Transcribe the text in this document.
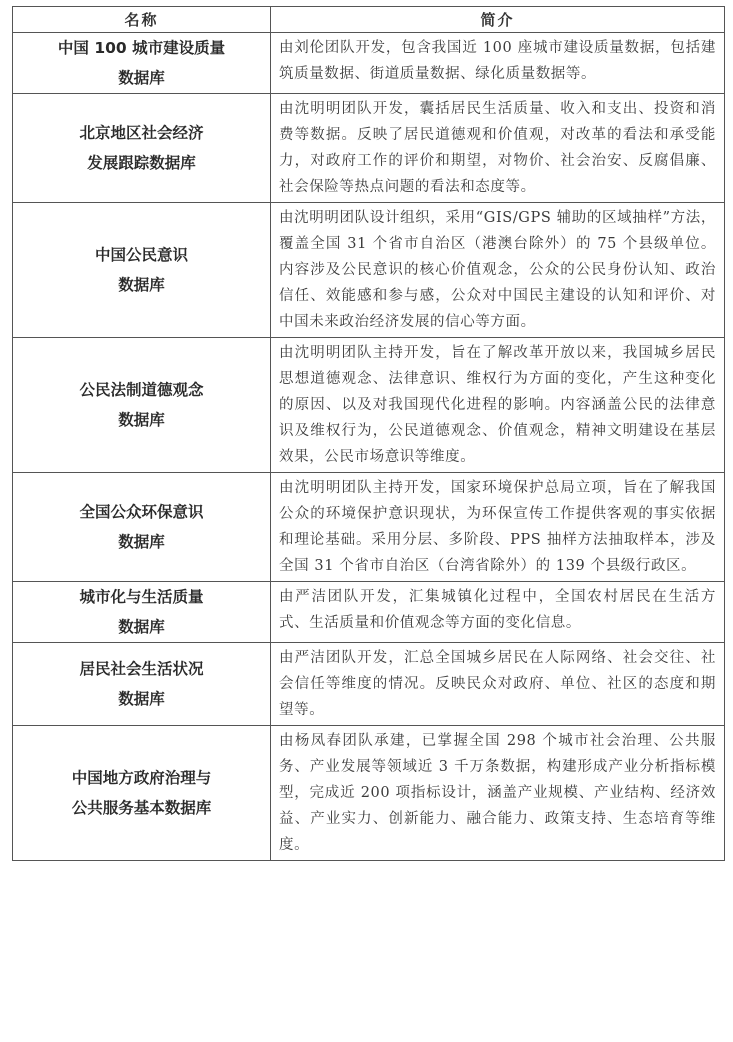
名称	简介

中国 100 城市建设质量
数据库	由刘伦团队开发，包含我国近 100 座城市建设质量数据，包括建筑质量数据、街道质量数据、绿化质量数据等。

北京地区社会经济
发展跟踪数据库	由沈明明团队开发，囊括居民生活质量、收入和支出、投资和消费等数据。反映了居民道德观和价值观，对改革的看法和承受能力，对政府工作的评价和期望，对物价、社会治安、反腐倡廉、社会保险等热点问题的看法和态度等。

中国公民意识
数据库	由沈明明团队设计组织，采用“GIS/GPS 辅助的区域抽样”方法，覆盖全国 31 个省市自治区（港澳台除外）的 75 个县级单位。内容涉及公民意识的核心价值观念，公众的公民身份认知、政治信任、效能感和参与感，公众对中国民主建设的认知和评价、对中国未来政治经济发展的信心等方面。

公民法制道德观念
数据库	由沈明明团队主持开发，旨在了解改革开放以来，我国城乡居民思想道德观念、法律意识、维权行为方面的变化，产生这种变化的原因、以及对我国现代化进程的影响。内容涵盖公民的法律意识及维权行为，公民道德观念、价值观念，精神文明建设在基层效果，公民市场意识等维度。

全国公众环保意识
数据库	由沈明明团队主持开发，国家环境保护总局立项，旨在了解我国公众的环境保护意识现状，为环保宣传工作提供客观的事实依据和理论基础。采用分层、多阶段、PPS 抽样方法抽取样本，涉及全国 31 个省市自治区（台湾省除外）的 139 个县级行政区。

城市化与生活质量
数据库	由严洁团队开发，汇集城镇化过程中，全国农村居民在生活方式、生活质量和价值观念等方面的变化信息。

居民社会生活状况
数据库	由严洁团队开发，汇总全国城乡居民在人际网络、社会交往、社会信任等维度的情况。反映民众对政府、单位、社区的态度和期望等。

中国地方政府治理与
公共服务基本数据库	由杨凤春团队承建，已掌握全国 298 个城市社会治理、公共服务、产业发展等领域近 3 千万条数据，构建形成产业分析指标模型，完成近 200 项指标设计，涵盖产业规模、产业结构、经济效益、产业实力、创新能力、融合能力、政策支持、生态培育等维度。
